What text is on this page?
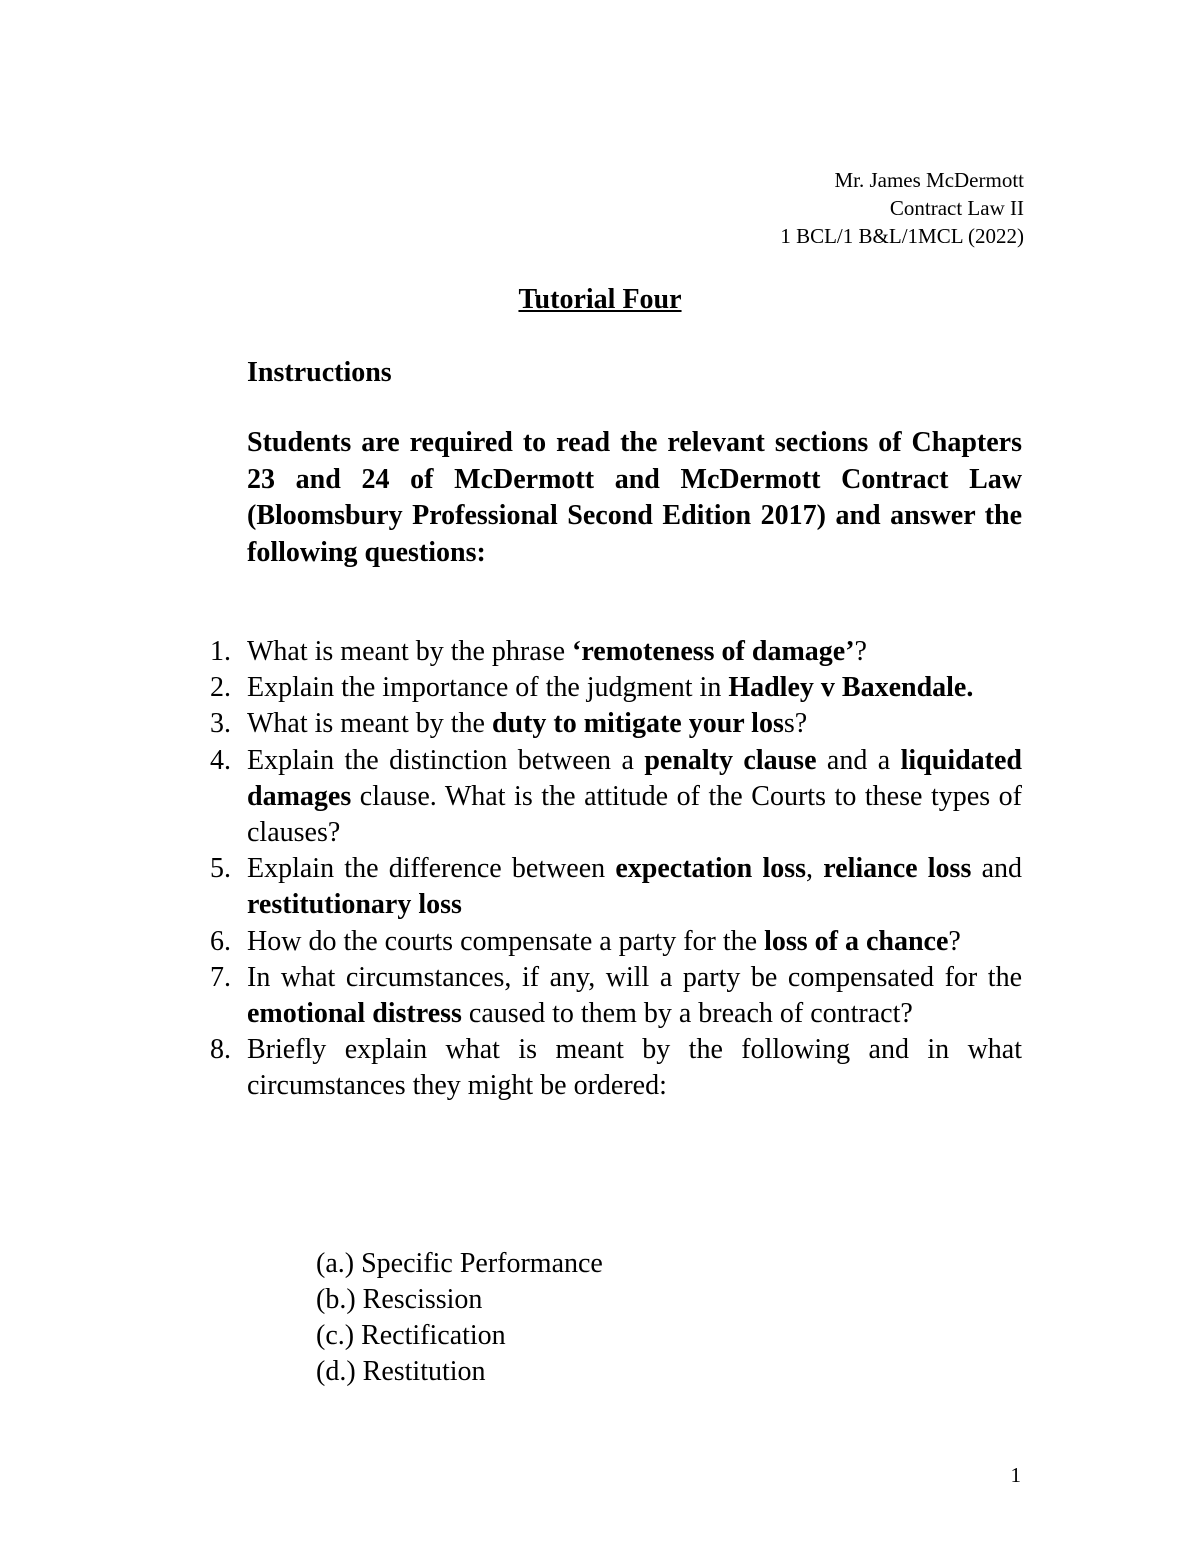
Mr. James McDermott
Contract Law II
1 BCL/1 B&L/1MCL (2022)
Tutorial Four
Instructions
Students are required to read the relevant sections of Chapters 23 and 24 of McDermott and McDermott Contract Law (Bloomsbury Professional Second Edition 2017) and answer the following questions:
1. What is meant by the phrase ‘remoteness of damage’?
2. Explain the importance of the judgment in Hadley v Baxendale.
3. What is meant by the duty to mitigate your loss?
4. Explain the distinction between a penalty clause and a liquidated damages clause. What is the attitude of the Courts to these types of clauses?
5. Explain the difference between expectation loss, reliance loss and restitutionary loss
6. How do the courts compensate a party for the loss of a chance?
7. In what circumstances, if any, will a party be compensated for the emotional distress caused to them by a breach of contract?
8. Briefly explain what is meant by the following and in what circumstances they might be ordered:
(a.) Specific Performance
(b.) Rescission
(c.) Rectification
(d.) Restitution
1
